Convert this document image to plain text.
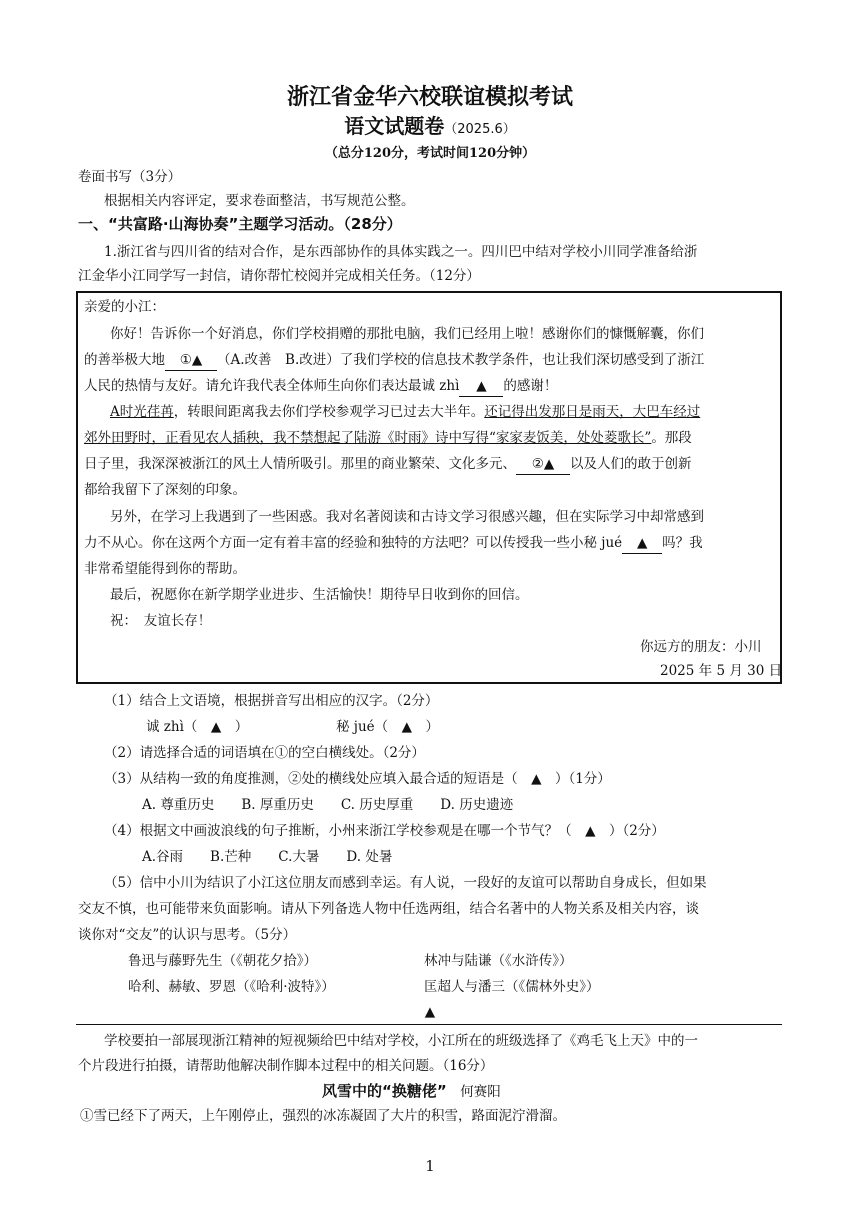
浙江省金华六校联谊模拟考试
语文试题卷（2025.6）
（总分120分，考试时间120分钟）
卷面书写（3分）
根据相关内容评定，要求卷面整洁，书写规范公整。
一、“共富路·山海协奏”主题学习活动。（28分）
1.浙江省与四川省的结对合作，是东西部协作的具体实践之一。四川巴中结对学校小川同学准备给浙
江金华小江同学写一封信，请你帮忙校阅并完成相关任务。（12分）
亲爱的小江：
你好！告诉你一个好消息，你们学校捐赠的那批电脑，我们已经用上啦！感谢你们的慷慨解囊，你们
的善举极大地 ①▲ （A.改善　B.改进）了我们学校的信息技术教学条件，也让我们深切感受到了浙江
人民的热情与友好。请允许我代表全体师生向你们表达最诚 zhì ▲ 的感谢！
A时光荏苒，转眼间距离我去你们学校参观学习已过去大半年。还记得出发那日是雨天，大巴车经过
郊外田野时，正看见农人插秧，我不禁想起了陆游《时雨》诗中写得“家家麦饭美，处处菱歌长”。那段
日子里，我深深被浙江的风土人情所吸引。那里的商业繁荣、文化多元、 ②▲ 以及人们的敢于创新
都给我留下了深刻的印象。
另外，在学习上我遇到了一些困惑。我对名著阅读和古诗文学习很感兴趣，但在实际学习中却常感到
力不从心。你在这两个方面一定有着丰富的经验和独特的方法吧？可以传授我一些小秘 jué ▲ 吗？我
非常希望能得到你的帮助。
最后，祝愿你在新学期学业进步、生活愉快！期待早日收到你的回信。
祝：　友谊长存！
你远方的朋友：小川
2025 年 5 月 30 日
（1）结合上文语境，根据拼音写出相应的汉字。（2分）
诚 zhì（　▲　）	秘 jué（　▲　）
（2）请选择合适的词语填在①的空白横线处。（2分）
（3）从结构一致的角度推测，②处的横线处应填入最合适的短语是（　▲　）（1分）
A. 尊重历史　　B. 厚重历史　　C. 历史厚重　　D. 历史遗迹
（4）根据文中画波浪线的句子推断，小州来浙江学校参观是在哪一个节气？（　▲　）（2分）
A.谷雨　　B.芒种　　C.大暑　　D. 处暑
（5）信中小川为结识了小江这位朋友而感到幸运。有人说，一段好的友谊可以帮助自身成长，但如果
交友不慎，也可能带来负面影响。请从下列备选人物中任选两组，结合名著中的人物关系及相关内容，谈
谈你对“交友”的认识与思考。（5分）
鲁迅与藤野先生（《朝花夕拾》）	林冲与陆谦（《水浒传》）
哈利、赫敏、罗恩（《哈利·波特》）	匡超人与潘三（《儒林外史》）
▲
学校要拍一部展现浙江精神的短视频给巴中结对学校，小江所在的班级选择了《鸡毛飞上天》中的一
个片段进行拍摄，请帮助他解决制作脚本过程中的相关问题。（16分）
风雪中的“换糖佬”　 何赛阳
①雪已经下了两天，上午刚停止，强烈的冰冻凝固了大片的积雪，路面泥泞滑溜。
1
